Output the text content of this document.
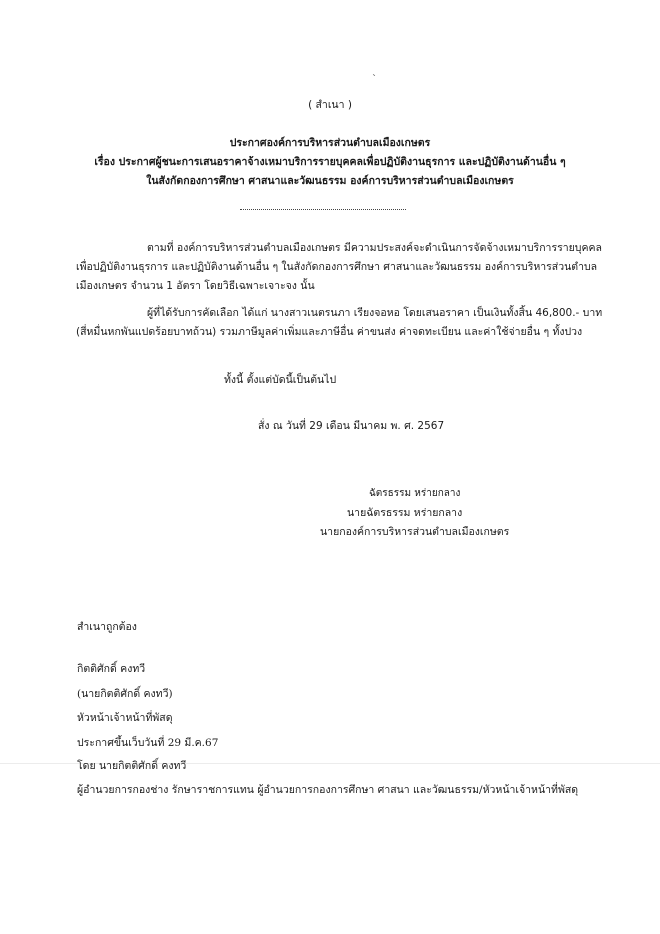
`
( สำเนา )
ประกาศองค์การบริหารส่วนตำบลเมืองเกษตร
เรื่อง ประกาศผู้ชนะการเสนอราคาจ้างเหมาบริการรายบุคคลเพื่อปฏิบัติงานธุรการ และปฏิบัติงานด้านอื่น ๆ
ในสังกัดกองการศึกษา ศาสนาและวัฒนธรรม องค์การบริหารส่วนตำบลเมืองเกษตร
ตามที่ องค์การบริหารส่วนตำบลเมืองเกษตร มีความประสงค์จะดำเนินการจัดจ้างเหมาบริการรายบุคคล
เพื่อปฏิบัติงานธุรการ และปฏิบัติงานด้านอื่น ๆ ในสังกัดกองการศึกษา ศาสนาและวัฒนธรรม องค์การบริหารส่วนตำบล
เมืองเกษตร จำนวน 1 อัตรา โดยวิธีเฉพาะเจาะจง นั้น
ผู้ที่ได้รับการคัดเลือก ได้แก่ นางสาวเนตรนภา เรียงจอหอ โดยเสนอราคา เป็นเงินทั้งสิ้น 46,800.- บาท
(สี่หมื่นหกพันแปดร้อยบาทถ้วน) รวมภาษีมูลค่าเพิ่มและภาษีอื่น ค่าขนส่ง ค่าจดทะเบียน และค่าใช้จ่ายอื่น ๆ ทั้งปวง
ทั้งนี้ ตั้งแต่บัดนี้เป็นต้นไป
สั่ง ณ วันที่ 29 เดือน มีนาคม พ. ศ. 2567
ฉัตรธรรม หร่ายกลาง
นายฉัตรธรรม หร่ายกลาง
นายกองค์การบริหารส่วนตำบลเมืองเกษตร
สำเนาถูกต้อง
กิตติศักดิ์ คงทวี
(นายกิตติศักดิ์ คงทวี)
หัวหน้าเจ้าหน้าที่พัสดุ
ประกาศขึ้นเว็บวันที่ 29 มี.ค.67
โดย นายกิตติศักดิ์ คงทวี
ผู้อำนวยการกองช่าง รักษาราชการแทน ผู้อำนวยการกองการศึกษา ศาสนา และวัฒนธรรม/หัวหน้าเจ้าหน้าที่พัสดุ
